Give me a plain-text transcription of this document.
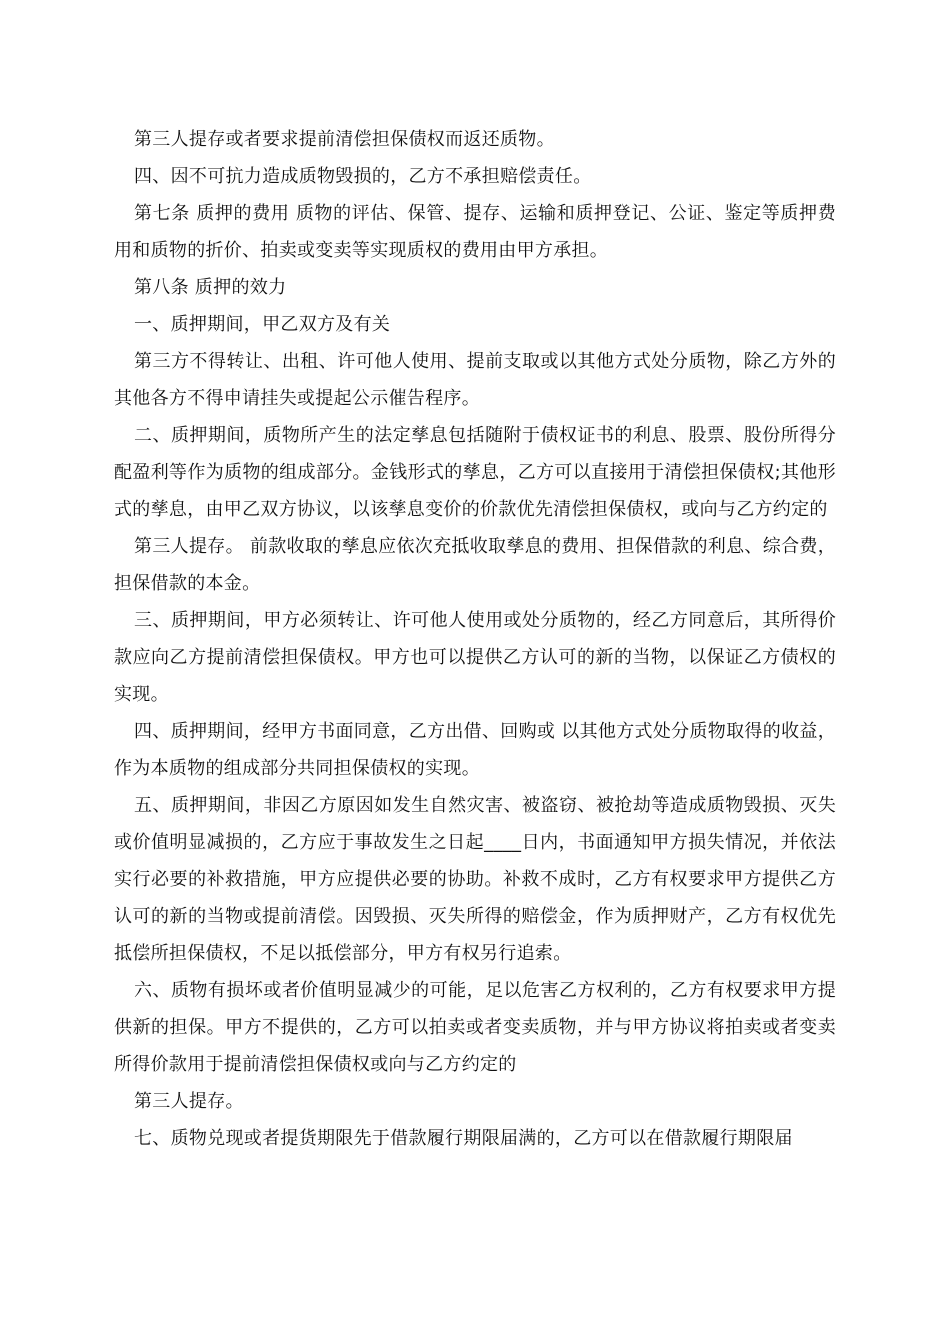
第三人提存或者要求提前清偿担保债权而返还质物。

四、因不可抗力造成质物毁损的，乙方不承担赔偿责任。

第七条 质押的费用 质物的评估、保管、提存、运输和质押登记、公证、鉴定等质押费用和质物的折价、拍卖或变卖等实现质权的费用由甲方承担。

第八条 质押的效力

一、质押期间，甲乙双方及有关

第三方不得转让、出租、许可他人使用、提前支取或以其他方式处分质物，除乙方外的其他各方不得申请挂失或提起公示催告程序。

二、质押期间，质物所产生的法定孳息包括随附于债权证书的利息、股票、股份所得分配盈利等作为质物的组成部分。金钱形式的孳息，乙方可以直接用于清偿担保债权;其他形式的孳息，由甲乙双方协议，以该孳息变价的价款优先清偿担保债权，或向与乙方约定的

第三人提存。 前款收取的孳息应依次充抵收取孳息的费用、担保借款的利息、综合费，担保借款的本金。

三、质押期间，甲方必须转让、许可他人使用或处分质物的，经乙方同意后，其所得价款应向乙方提前清偿担保债权。甲方也可以提供乙方认可的新的当物，以保证乙方债权的实现。

四、质押期间，经甲方书面同意，乙方出借、回购或 以其他方式处分质物取得的收益，作为本质物的组成部分共同担保债权的实现。

五、质押期间，非因乙方原因如发生自然灾害、被盗窃、被抢劫等造成质物毁损、灭失或价值明显减损的，乙方应于事故发生之日起____日内，书面通知甲方损失情况，并依法实行必要的补救措施，甲方应提供必要的协助。补救不成时，乙方有权要求甲方提供乙方认可的新的当物或提前清偿。因毁损、灭失所得的赔偿金，作为质押财产，乙方有权优先抵偿所担保债权，不足以抵偿部分，甲方有权另行追索。

六、质物有损坏或者价值明显减少的可能，足以危害乙方权利的，乙方有权要求甲方提供新的担保。甲方不提供的，乙方可以拍卖或者变卖质物，并与甲方协议将拍卖或者变卖所得价款用于提前清偿担保债权或向与乙方约定的

第三人提存。

七、质物兑现或者提货期限先于借款履行期限届满的，乙方可以在借款履行期限届
